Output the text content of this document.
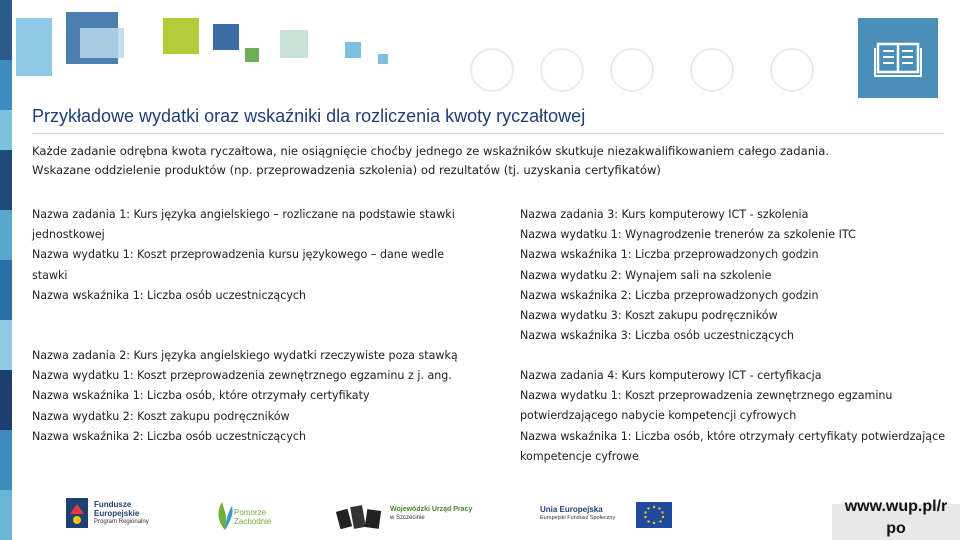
Przykładowe wydatki oraz wskaźniki dla rozliczenia kwoty ryczałtowej
Każde zadanie odrębna kwota ryczałtowa, nie osiągnięcie choćby jednego ze wskaźników skutkuje niezakwalifikowaniem całego zadania.
Wskazane oddzielenie produktów (np. przeprowadzenia szkolenia) od rezultatów (tj. uzyskania certyfikatów)
Nazwa zadania 1: Kurs języka angielskiego – rozliczane na podstawie stawki
jednostkowej
Nazwa wydatku 1: Koszt przeprowadzenia kursu językowego – dane wedle
stawki
Nazwa wskaźnika 1: Liczba osób uczestniczących
Nazwa zadania 2: Kurs języka angielskiego wydatki rzeczywiste poza stawką
Nazwa wydatku 1: Koszt przeprowadzenia zewnętrznego egzaminu z j. ang.
Nazwa wskaźnika 1: Liczba osób, które otrzymały certyfikaty
Nazwa wydatku 2: Koszt zakupu podręczników
Nazwa wskaźnika 2: Liczba osób uczestniczących
Nazwa zadania 3: Kurs komputerowy ICT - szkolenia
Nazwa wydatku 1: Wynagrodzenie trenerów za szkolenie ITC
Nazwa wskaźnika 1: Liczba przeprowadzonych godzin
Nazwa wydatku 2: Wynajem sali na szkolenie
Nazwa wskaźnika 2: Liczba przeprowadzonych godzin
Nazwa wydatku 3: Koszt zakupu podręczników
Nazwa wskaźnika 3: Liczba osób uczestniczących
Nazwa zadania 4: Kurs komputerowy ICT - certyfikacja
Nazwa wydatku 1: Koszt przeprowadzenia zewnętrznego egzaminu
potwierdzającego nabycie kompetencji cyfrowych
Nazwa wskaźnika 1: Liczba osób, które otrzymały certyfikaty potwierdzające
kompetencje cyfrowe
Fundusze
Europejskie
Program Regionalny
Pomorze
Zachodnie
Wojewódzki Urząd Pracy
w Szczecinie
Unia Europejska
Europejski Fundusz Społeczny
www.wup.pl/r
po
